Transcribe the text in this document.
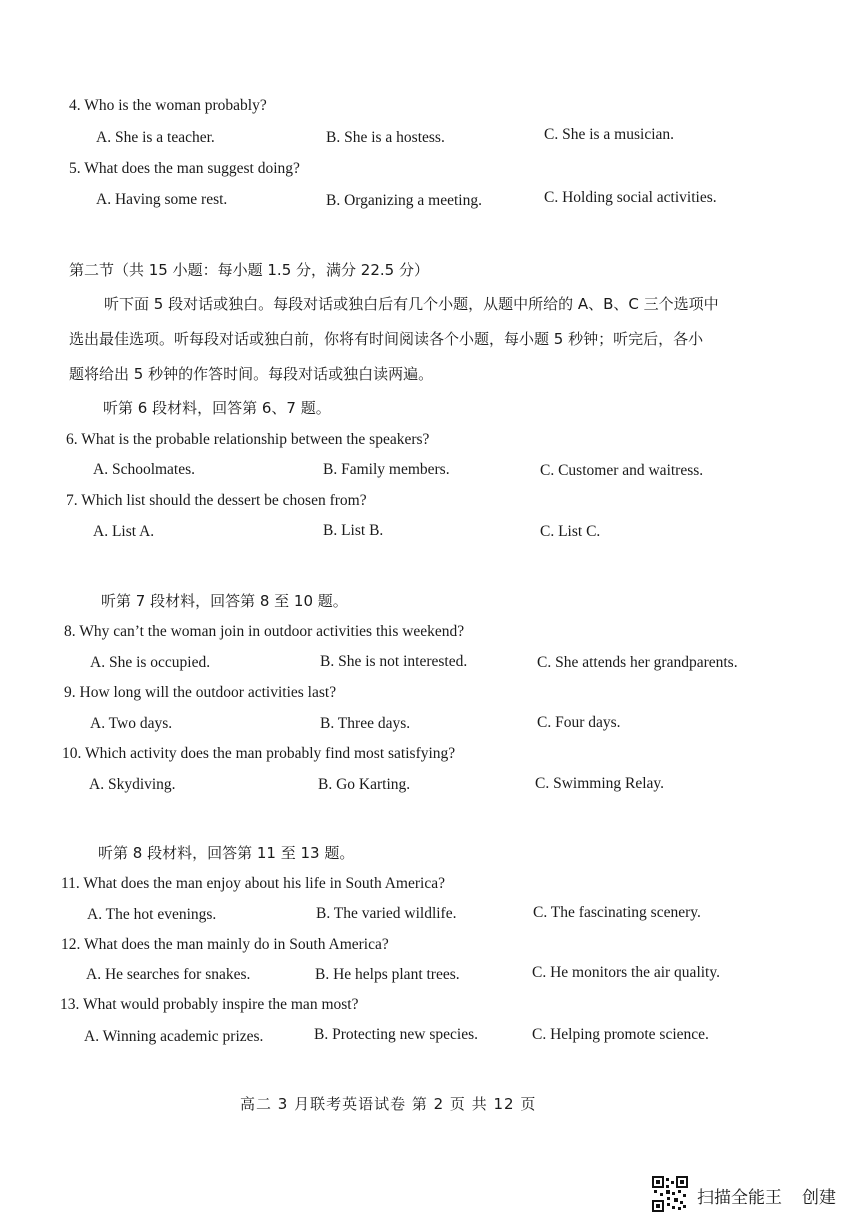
4. Who is the woman probably?
A. She is a teacher.	B. She is a hostess.	C. She is a musician.
5. What does the man suggest doing?
A. Having some rest.	B. Organizing a meeting.	C. Holding social activities.
第二节（共 15 小题：每小题 1.5 分，满分 22.5 分）
听下面 5 段对话或独白。每段对话或独白后有几个小题，从题中所给的 A、B、C 三个选项中
选出最佳选项。听每段对话或独白前，你将有时间阅读各个小题，每小题 5 秒钟；听完后，各小
题将给出 5 秒钟的作答时间。每段对话或独白读两遍。
听第 6 段材料，回答第 6、7 题。
6. What is the probable relationship between the speakers?
A. Schoolmates.	B. Family members.	C. Customer and waitress.
7. Which list should the dessert be chosen from?
A. List A.	B. List B.	C. List C.
听第 7 段材料，回答第 8 至 10 题。
8. Why can’t the woman join in outdoor activities this weekend?
A. She is occupied.	B. She is not interested.	C. She attends her grandparents.
9. How long will the outdoor activities last?
A. Two days.	B. Three days.	C. Four days.
10. Which activity does the man probably find most satisfying?
A. Skydiving.	B. Go Karting.	C. Swimming Relay.
听第 8 段材料，回答第 11 至 13 题。
11. What does the man enjoy about his life in South America?
A. The hot evenings.	B. The varied wildlife.	C. The fascinating scenery.
12. What does the man mainly do in South America?
A. He searches for snakes.	B. He helps plant trees.	C. He monitors the air quality.
13. What would probably inspire the man most?
A. Winning academic prizes.	B. Protecting new species.	C. Helping promote science.
高二 3 月联考英语试卷 第 2 页 共 12 页
扫描全能王 创建
